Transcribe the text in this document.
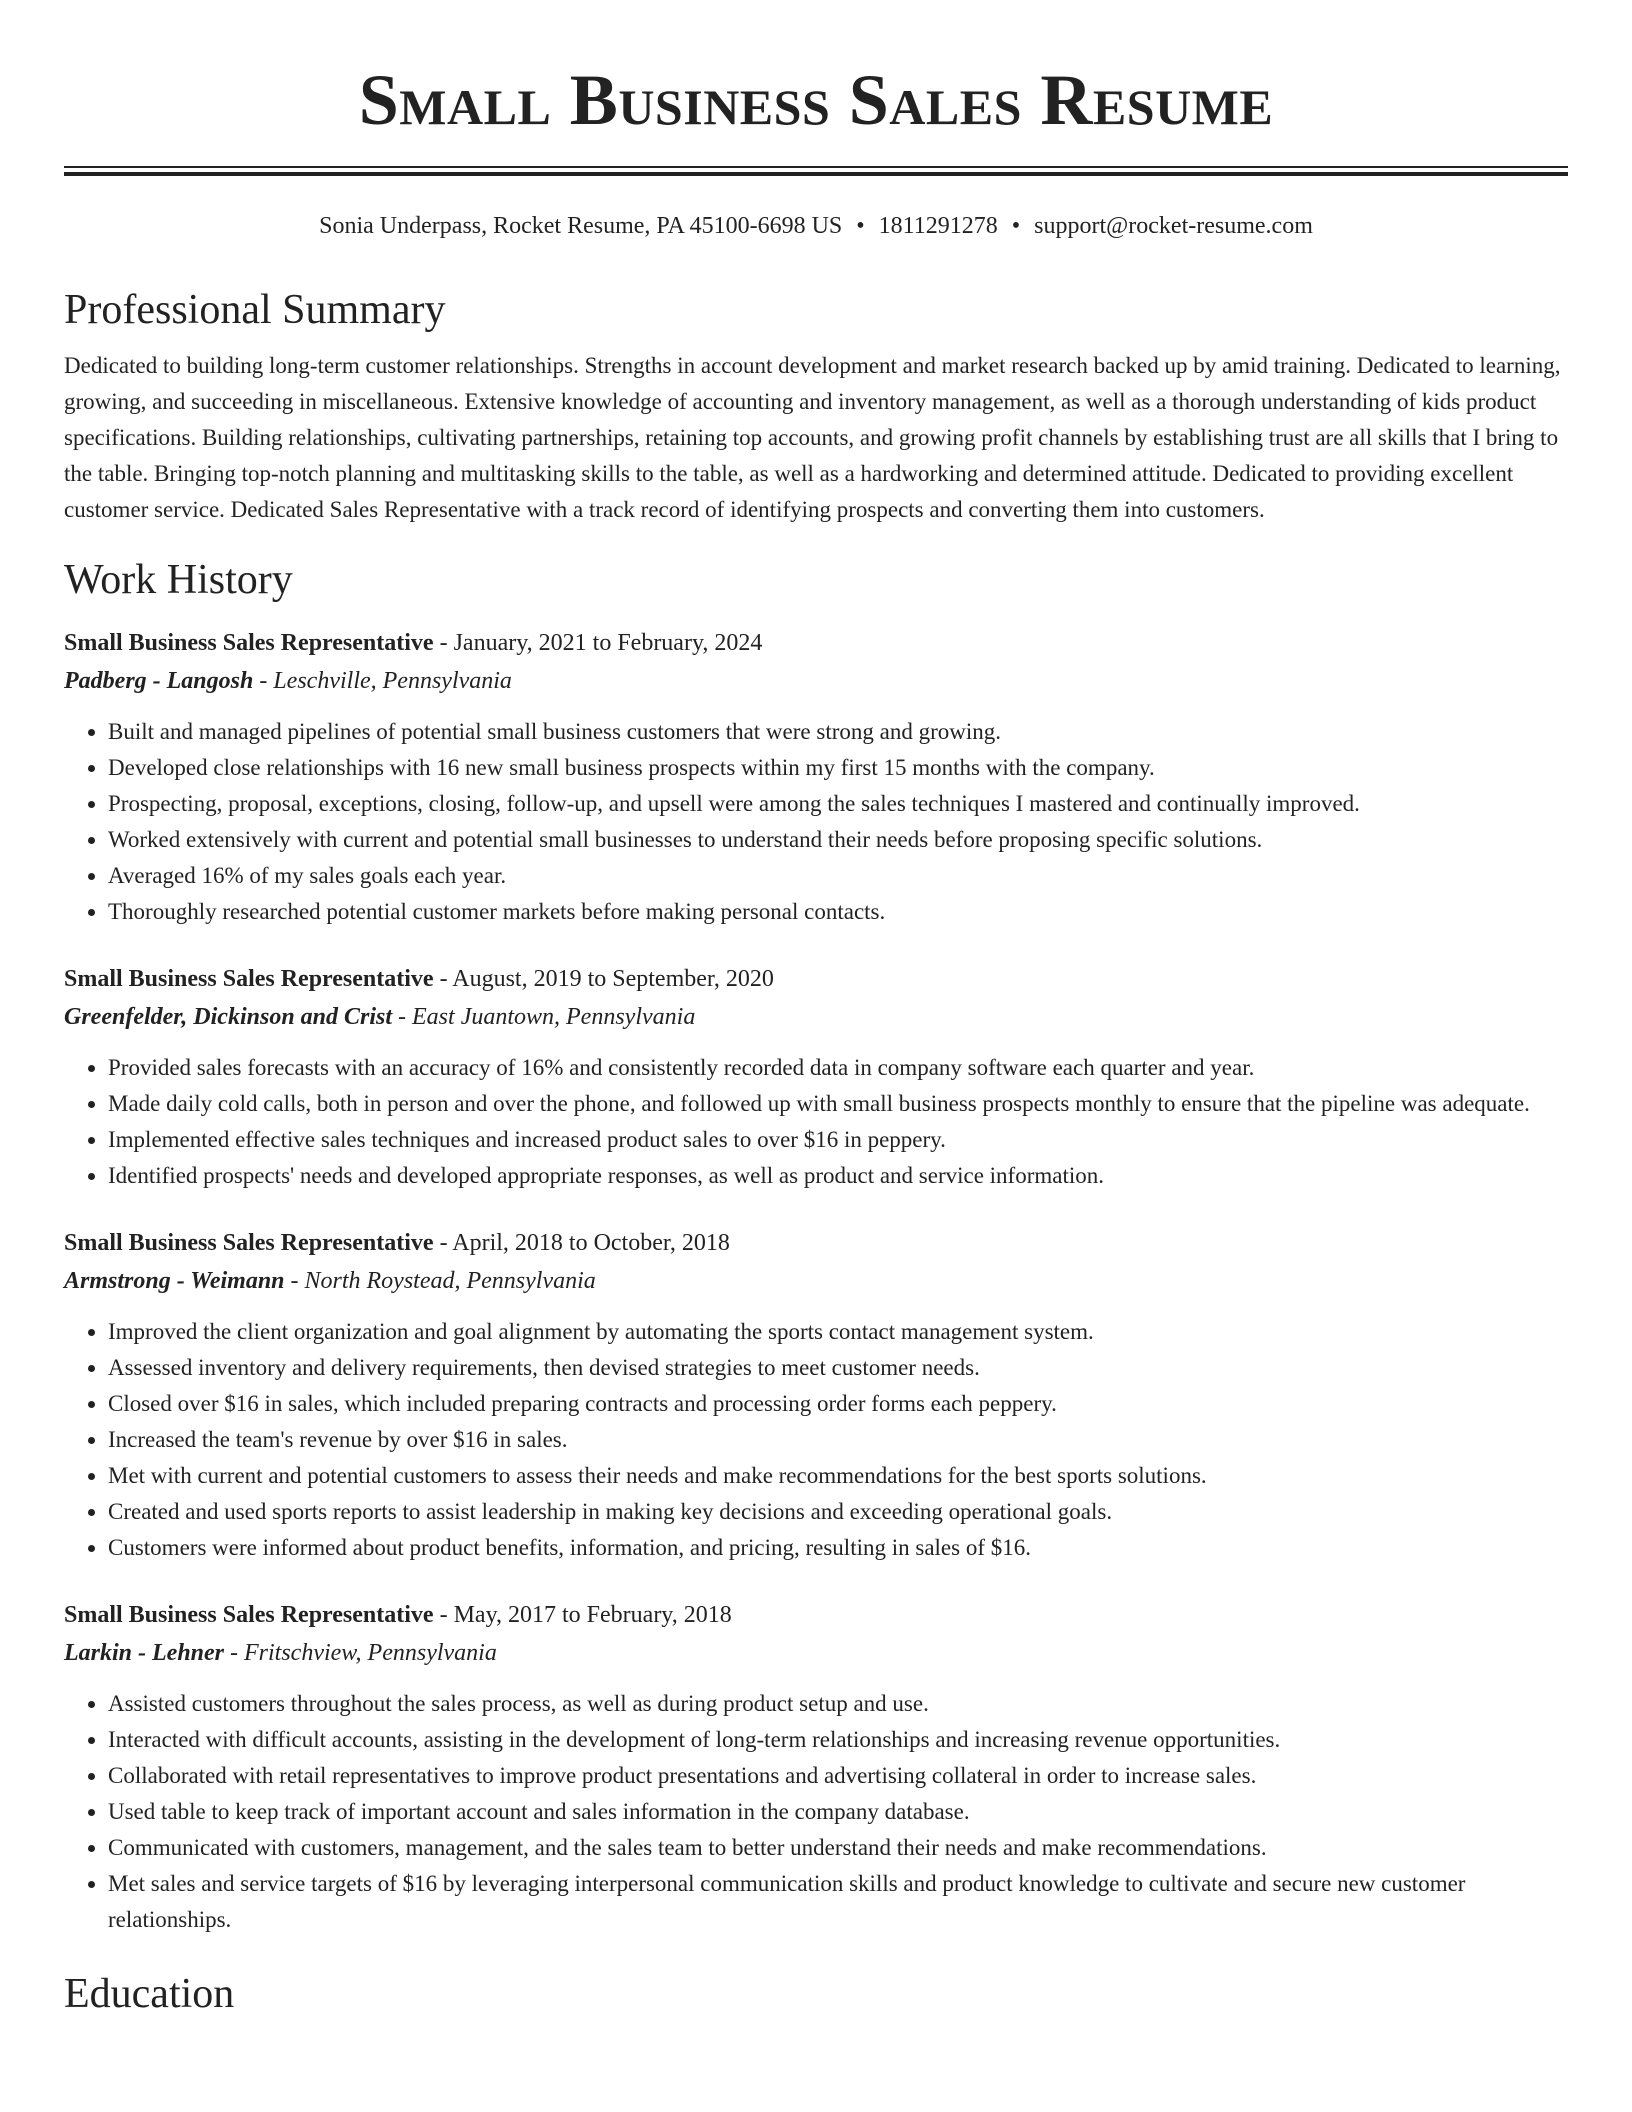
Small Business Sales Resume
Sonia Underpass, Rocket Resume, PA 45100-6698 US • 1811291278 • support@rocket-resume.com
Professional Summary

Dedicated to building long-term customer relationships. Strengths in account development and market research backed up by amid training. Dedicated to learning, growing, and succeeding in miscellaneous. Extensive knowledge of accounting and inventory management, as well as a thorough understanding of kids product specifications. Building relationships, cultivating partnerships, retaining top accounts, and growing profit channels by establishing trust are all skills that I bring to the table. Bringing top-notch planning and multitasking skills to the table, as well as a hardworking and determined attitude. Dedicated to providing excellent customer service. Dedicated Sales Representative with a track record of identifying prospects and converting them into customers.

Work History
Small Business Sales Representative - January, 2021 to February, 2024
Padberg - Langosh - Leschville, Pennsylvania
• Built and managed pipelines of potential small business customers that were strong and growing.
• Developed close relationships with 16 new small business prospects within my first 15 months with the company.
• Prospecting, proposal, exceptions, closing, follow-up, and upsell were among the sales techniques I mastered and continually improved.
• Worked extensively with current and potential small businesses to understand their needs before proposing specific solutions.
• Averaged 16% of my sales goals each year.
• Thoroughly researched potential customer markets before making personal contacts.
Small Business Sales Representative - August, 2019 to September, 2020
Greenfelder, Dickinson and Crist - East Juantown, Pennsylvania
• Provided sales forecasts with an accuracy of 16% and consistently recorded data in company software each quarter and year.
• Made daily cold calls, both in person and over the phone, and followed up with small business prospects monthly to ensure that the pipeline was adequate.
• Implemented effective sales techniques and increased product sales to over $16 in peppery.
• Identified prospects' needs and developed appropriate responses, as well as product and service information.
Small Business Sales Representative - April, 2018 to October, 2018
Armstrong - Weimann - North Roystead, Pennsylvania
• Improved the client organization and goal alignment by automating the sports contact management system.
• Assessed inventory and delivery requirements, then devised strategies to meet customer needs.
• Closed over $16 in sales, which included preparing contracts and processing order forms each peppery.
• Increased the team's revenue by over $16 in sales.
• Met with current and potential customers to assess their needs and make recommendations for the best sports solutions.
• Created and used sports reports to assist leadership in making key decisions and exceeding operational goals.
• Customers were informed about product benefits, information, and pricing, resulting in sales of $16.
Small Business Sales Representative - May, 2017 to February, 2018
Larkin - Lehner - Fritschview, Pennsylvania
• Assisted customers throughout the sales process, as well as during product setup and use.
• Interacted with difficult accounts, assisting in the development of long-term relationships and increasing revenue opportunities.
• Collaborated with retail representatives to improve product presentations and advertising collateral in order to increase sales.
• Used table to keep track of important account and sales information in the company database.
• Communicated with customers, management, and the sales team to better understand their needs and make recommendations.
• Met sales and service targets of $16 by leveraging interpersonal communication skills and product knowledge to cultivate and secure new customer relationships.
Education
